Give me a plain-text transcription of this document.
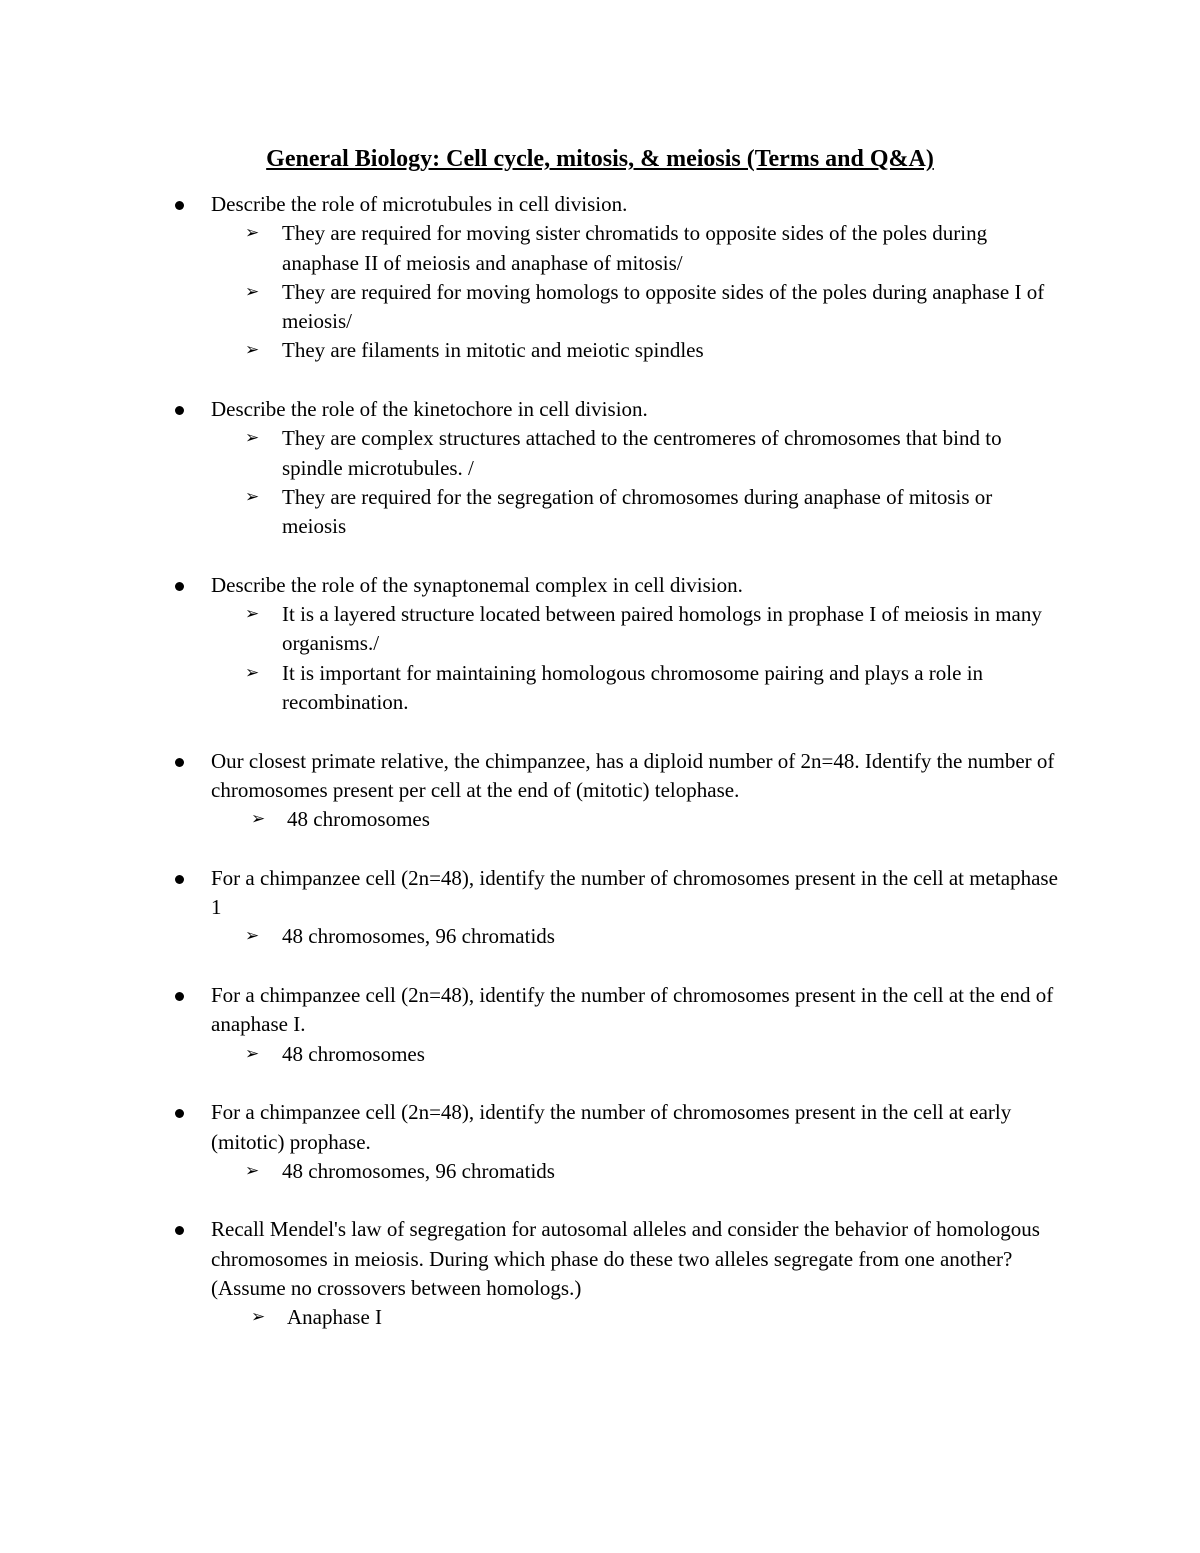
General Biology: Cell cycle, mitosis, & meiosis (Terms and Q&A)
Describe the role of microtubules in cell division.
➢ They are required for moving sister chromatids to opposite sides of the poles during anaphase II of meiosis and anaphase of mitosis/
➢ They are required for moving homologs to opposite sides of the poles during anaphase I of meiosis/
➢ They are filaments in mitotic and meiotic spindles
Describe the role of the kinetochore in cell division.
➢ They are complex structures attached to the centromeres of chromosomes that bind to spindle microtubules. /
➢ They are required for the segregation of chromosomes during anaphase of mitosis or meiosis
Describe the role of the synaptonemal complex in cell division.
➢ It is a layered structure located between paired homologs in prophase I of meiosis in many organisms./
➢ It is important for maintaining homologous chromosome pairing and plays a role in recombination.
Our closest primate relative, the chimpanzee, has a diploid number of 2n=48. Identify the number of chromosomes present per cell at the end of (mitotic) telophase.
➢ 48 chromosomes
For a chimpanzee cell (2n=48), identify the number of chromosomes present in the cell at metaphase 1
➢ 48 chromosomes, 96 chromatids
For a chimpanzee cell (2n=48), identify the number of chromosomes present in the cell at the end of anaphase I.
➢ 48 chromosomes
For a chimpanzee cell (2n=48), identify the number of chromosomes present in the cell at early (mitotic) prophase.
➢ 48 chromosomes, 96 chromatids
Recall Mendel's law of segregation for autosomal alleles and consider the behavior of homologous chromosomes in meiosis. During which phase do these two alleles segregate from one another? (Assume no crossovers between homologs.)
➢ Anaphase I
